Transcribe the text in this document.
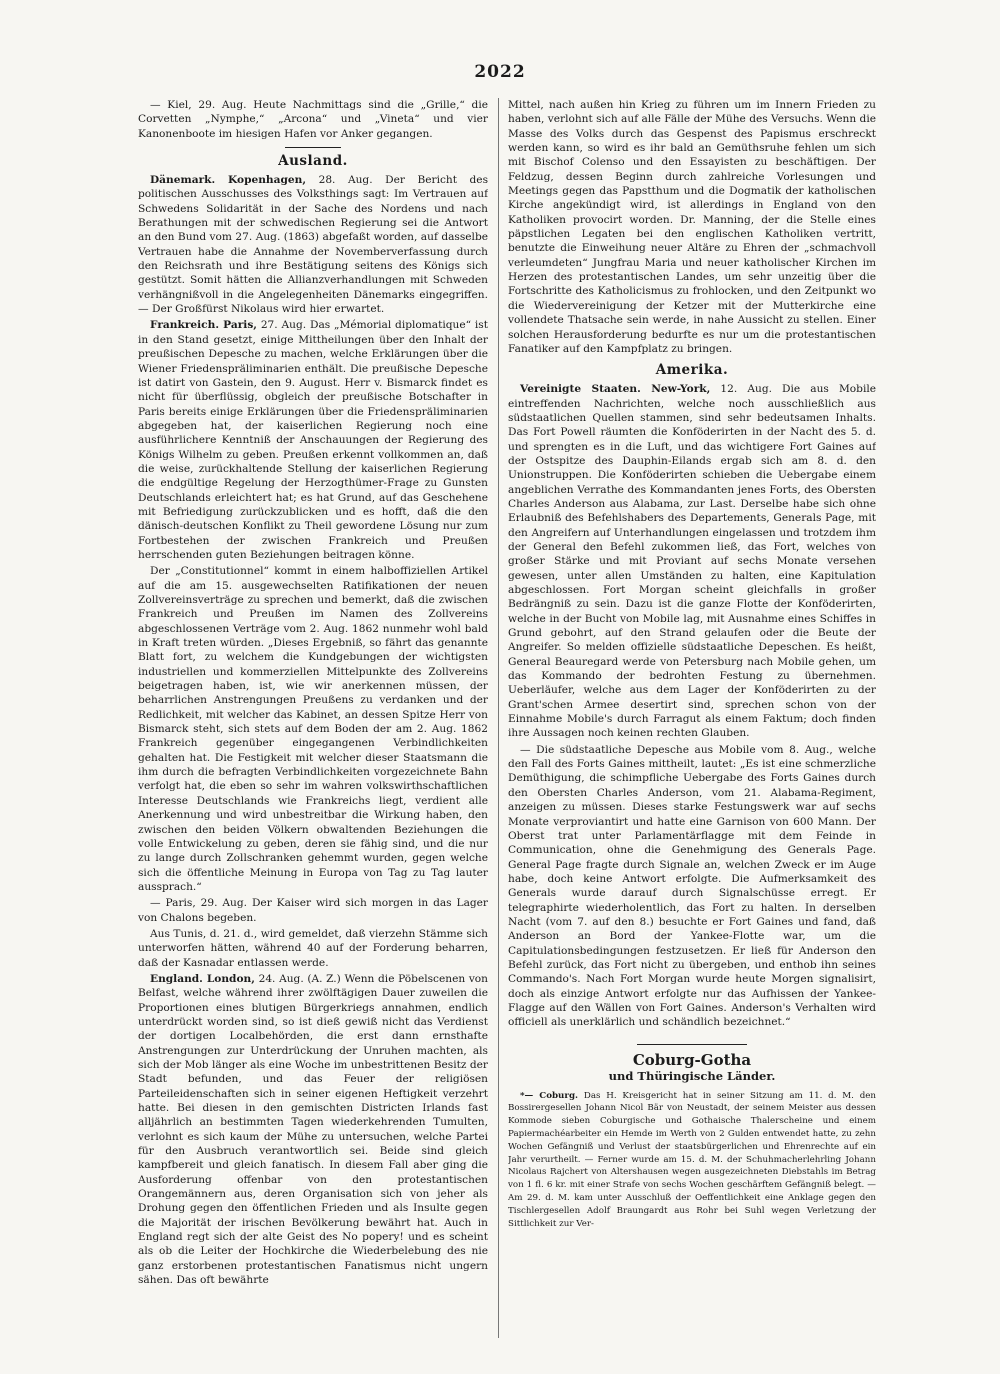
2022

— Kiel, 29. Aug. Heute Nachmittags sind die „Grille,“ die Corvetten „Nymphe,“ „Arcona“ und „Vineta“ und vier Kanonenboote im hiesigen Hafen vor Anker gegangen.

Ausland.

Dänemark. Kopenhagen, 28. Aug. Der Bericht des politischen Ausschusses des Volksthings sagt: Im Vertrauen auf Schwedens Solidarität in der Sache des Nordens und nach Berathungen mit der schwedischen Regierung sei die Antwort an den Bund vom 27. Aug. (1863) abgefaßt worden, auf dasselbe Vertrauen habe die Annahme der Novemberverfassung durch den Reichsrath und ihre Bestätigung seitens des Königs sich gestützt. Somit hätten die Allianzverhandlungen mit Schweden verhängnißvoll in die Angelegenheiten Dänemarks eingegriffen. — Der Großfürst Nikolaus wird hier erwartet.

Frankreich. Paris, 27. Aug. Das „Mémorial diplomatique“ ist in den Stand gesetzt, einige Mittheilungen über den Inhalt der preußischen Depesche zu machen, welche Erklärungen über die Wiener Friedenspräliminarien enthält. Die preußische Depesche ist datirt von Gastein, den 9. August. Herr v. Bismarck findet es nicht für überflüssig, obgleich der preußische Botschafter in Paris bereits einige Erklärungen über die Friedenspräliminarien abgegeben hat, der kaiserlichen Regierung noch eine ausführlichere Kenntniß der Anschauungen der Regierung des Königs Wilhelm zu geben. Preußen erkennt vollkommen an, daß die weise, zurückhaltende Stellung der kaiserlichen Regierung die endgültige Regelung der Herzogthümer-Frage zu Gunsten Deutschlands erleichtert hat; es hat Grund, auf das Geschehene mit Befriedigung zurückzublicken und es hofft, daß die den dänisch-deutschen Konflikt zu Theil gewordene Lösung nur zum Fortbestehen der zwischen Frankreich und Preußen herrschenden guten Beziehungen beitragen könne.

Der „Constitutionnel“ kommt in einem halboffiziellen Artikel auf die am 15. ausgewechselten Ratifikationen der neuen Zollvereinsverträge zu sprechen und bemerkt, daß die zwischen Frankreich und Preußen im Namen des Zollvereins abgeschlossenen Verträge vom 2. Aug. 1862 nunmehr wohl bald in Kraft treten würden. „Dieses Ergebniß, so fährt das genannte Blatt fort, zu welchem die Kundgebungen der wichtigsten industriellen und kommerziellen Mittelpunkte des Zollvereins beigetragen haben, ist, wie wir anerkennen müssen, der beharrlichen Anstrengungen Preußens zu verdanken und der Redlichkeit, mit welcher das Kabinet, an dessen Spitze Herr von Bismarck steht, sich stets auf dem Boden der am 2. Aug. 1862 Frankreich gegenüber eingegangenen Verbindlichkeiten gehalten hat. Die Festigkeit mit welcher dieser Staatsmann die ihm durch die befragten Verbindlichkeiten vorgezeichnete Bahn verfolgt hat, die eben so sehr im wahren volkswirthschaftlichen Interesse Deutschlands wie Frankreichs liegt, verdient alle Anerkennung und wird unbestreitbar die Wirkung haben, den zwischen den beiden Völkern obwaltenden Beziehungen die volle Entwickelung zu geben, deren sie fähig sind, und die nur zu lange durch Zollschranken gehemmt wurden, gegen welche sich die öffentliche Meinung in Europa von Tag zu Tag lauter aussprach.“

— Paris, 29. Aug. Der Kaiser wird sich morgen in das Lager von Chalons begeben.

Aus Tunis, d. 21. d., wird gemeldet, daß vierzehn Stämme sich unterworfen hätten, während 40 auf der Forderung beharren, daß der Kasnadar entlassen werde.

England. London, 24. Aug. (A. Z.) Wenn die Pöbelscenen von Belfast, welche während ihrer zwölftägigen Dauer zuweilen die Proportionen eines blutigen Bürgerkriegs annahmen, endlich unterdrückt worden sind, so ist dieß gewiß nicht das Verdienst der dortigen Localbehörden, die erst dann ernsthafte Anstrengungen zur Unterdrückung der Unruhen machten, als sich der Mob länger als eine Woche im unbestrittenen Besitz der Stadt befunden, und das Feuer der religiösen Parteileidenschaften sich in seiner eigenen Heftigkeit verzehrt hatte. Bei diesen in den gemischten Districten Irlands fast alljährlich an bestimmten Tagen wiederkehrenden Tumulten, verlohnt es sich kaum der Mühe zu untersuchen, welche Partei für den Ausbruch verantwortlich sei. Beide sind gleich kampfbereit und gleich fanatisch. In diesem Fall aber ging die Ausforderung offenbar von den protestantischen Orangemännern aus, deren Organisation sich von jeher als Drohung gegen den öffentlichen Frieden und als Insulte gegen die Majorität der irischen Bevölkerung bewährt hat. Auch in England regt sich der alte Geist des No popery! und es scheint als ob die Leiter der Hochkirche die Wiederbelebung des nie ganz erstorbenen protestantischen Fanatismus nicht ungern sähen. Das oft bewährte

Mittel, nach außen hin Krieg zu führen um im Innern Frieden zu haben, verlohnt sich auf alle Fälle der Mühe des Versuchs. Wenn die Masse des Volks durch das Gespenst des Papismus erschreckt werden kann, so wird es ihr bald an Gemüthsruhe fehlen um sich mit Bischof Colenso und den Essayisten zu beschäftigen. Der Feldzug, dessen Beginn durch zahlreiche Vorlesungen und Meetings gegen das Papstthum und die Dogmatik der katholischen Kirche angekündigt wird, ist allerdings in England von den Katholiken provocirt worden. Dr. Manning, der die Stelle eines päpstlichen Legaten bei den englischen Katholiken vertritt, benutzte die Einweihung neuer Altäre zu Ehren der „schmachvoll verleumdeten“ Jungfrau Maria und neuer katholischer Kirchen im Herzen des protestantischen Landes, um sehr unzeitig über die Fortschritte des Katholicismus zu frohlocken, und den Zeitpunkt wo die Wiedervereinigung der Ketzer mit der Mutterkirche eine vollendete Thatsache sein werde, in nahe Aussicht zu stellen. Einer solchen Herausforderung bedurfte es nur um die protestantischen Fanatiker auf den Kampfplatz zu bringen.

Amerika.

Vereinigte Staaten. New-York, 12. Aug. Die aus Mobile eintreffenden Nachrichten, welche noch ausschließlich aus südstaatlichen Quellen stammen, sind sehr bedeutsamen Inhalts. Das Fort Powell räumten die Konföderirten in der Nacht des 5. d. und sprengten es in die Luft, und das wichtigere Fort Gaines auf der Ostspitze des Dauphin-Eilands ergab sich am 8. d. den Unionstruppen. Die Konföderirten schieben die Uebergabe einem angeblichen Verrathe des Kommandanten jenes Forts, des Obersten Charles Anderson aus Alabama, zur Last. Derselbe habe sich ohne Erlaubniß des Befehlshabers des Departements, Generals Page, mit den Angreifern auf Unterhandlungen eingelassen und trotzdem ihm der General den Befehl zukommen ließ, das Fort, welches von großer Stärke und mit Proviant auf sechs Monate versehen gewesen, unter allen Umständen zu halten, eine Kapitulation abgeschlossen. Fort Morgan scheint gleichfalls in großer Bedrängniß zu sein. Dazu ist die ganze Flotte der Konföderirten, welche in der Bucht von Mobile lag, mit Ausnahme eines Schiffes in Grund gebohrt, auf den Strand gelaufen oder die Beute der Angreifer. So melden offizielle südstaatliche Depeschen. Es heißt, General Beauregard werde von Petersburg nach Mobile gehen, um das Kommando der bedrohten Festung zu übernehmen. Ueberläufer, welche aus dem Lager der Konföderirten zu der Grant'schen Armee desertirt sind, sprechen schon von der Einnahme Mobile's durch Farragut als einem Faktum; doch finden ihre Aussagen noch keinen rechten Glauben.

— Die südstaatliche Depesche aus Mobile vom 8. Aug., welche den Fall des Forts Gaines mittheilt, lautet: „Es ist eine schmerzliche Demüthigung, die schimpfliche Uebergabe des Forts Gaines durch den Obersten Charles Anderson, vom 21. Alabama-Regiment, anzeigen zu müssen. Dieses starke Festungswerk war auf sechs Monate verproviantirt und hatte eine Garnison von 600 Mann. Der Oberst trat unter Parlamentärflagge mit dem Feinde in Communication, ohne die Genehmigung des Generals Page. General Page fragte durch Signale an, welchen Zweck er im Auge habe, doch keine Antwort erfolgte. Die Aufmerksamkeit des Generals wurde darauf durch Signalschüsse erregt. Er telegraphirte wiederholentlich, das Fort zu halten. In derselben Nacht (vom 7. auf den 8.) besuchte er Fort Gaines und fand, daß Anderson an Bord der Yankee-Flotte war, um die Capitulationsbedingungen festzusetzen. Er ließ für Anderson den Befehl zurück, das Fort nicht zu übergeben, und enthob ihn seines Commando's. Nach Fort Morgan wurde heute Morgen signalisirt, doch als einzige Antwort erfolgte nur das Aufhissen der Yankee-Flagge auf den Wällen von Fort Gaines. Anderson's Verhalten wird officiell als unerklärlich und schändlich bezeichnet.“

Coburg-Gotha
und Thüringische Länder.

*— Coburg. Das H. Kreisgericht hat in seiner Sitzung am 11. d. M. den Bossirergesellen Johann Nicol Bär von Neustadt, der seinem Meister aus dessen Kommode sieben Coburgische und Gothaische Thalerscheine und einem Papiermachéarbeiter ein Hemde im Werth von 2 Gulden entwendet hatte, zu zehn Wochen Gefängniß und Verlust der staatsbürgerlichen und Ehrenrechte auf ein Jahr verurtheilt. — Ferner wurde am 15. d. M. der Schuhmacherlehrling Johann Nicolaus Rajchert von Altershausen wegen ausgezeichneten Diebstahls im Betrag von 1 fl. 6 kr. mit einer Strafe von sechs Wochen geschärftem Gefängniß belegt. — Am 29. d. M. kam unter Ausschluß der Oeffentlichkeit eine Anklage gegen den Tischlergesellen Adolf Braungardt aus Rohr bei Suhl wegen Verletzung der Sittlichkeit zur Ver-
